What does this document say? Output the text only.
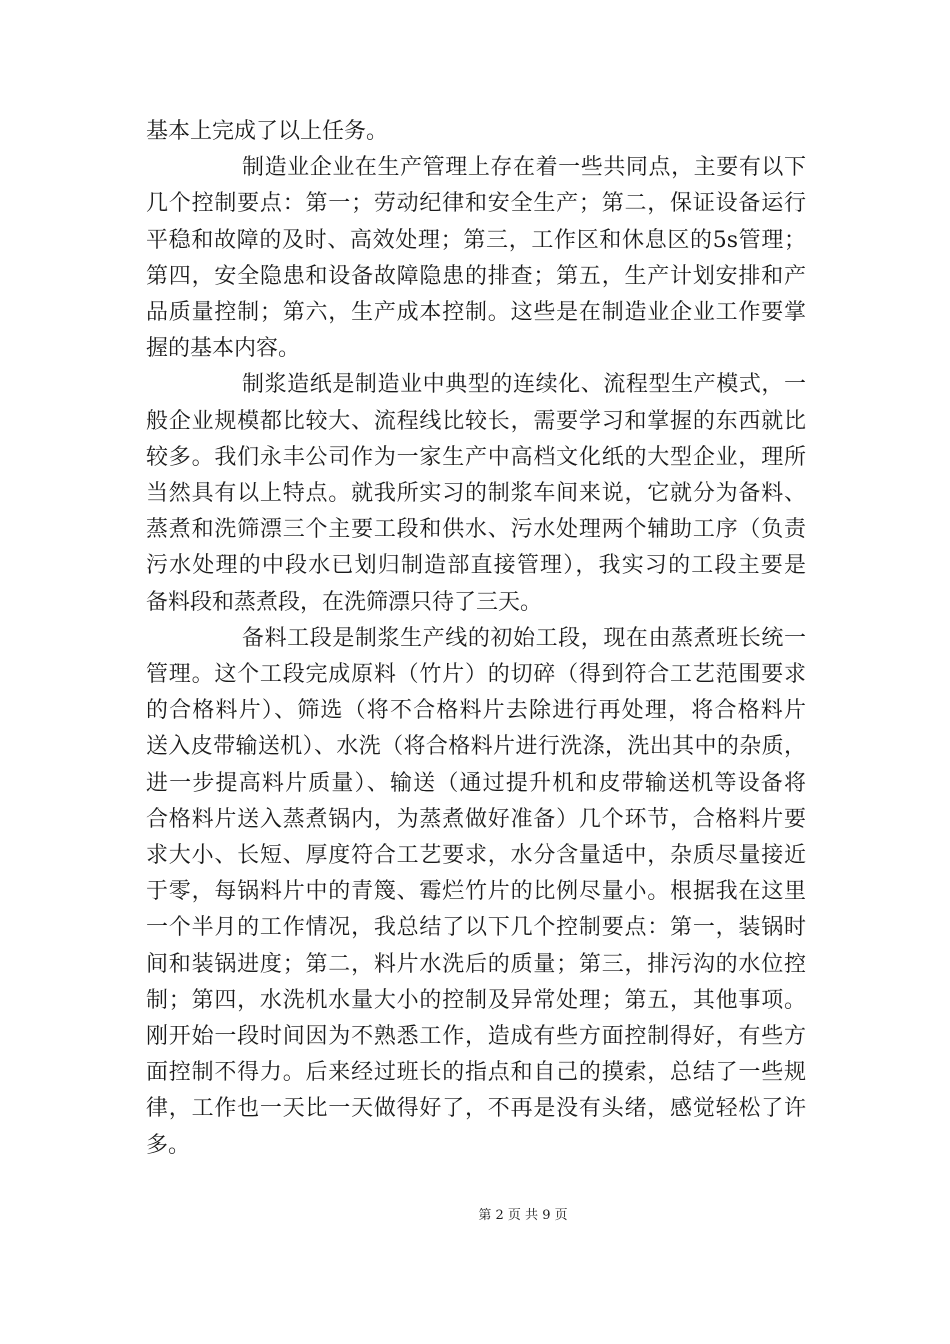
基本上完成了以上任务。

制造业企业在生产管理上存在着一些共同点，主要有以下
几个控制要点：第一；劳动纪律和安全生产；第二，保证设备运行
平稳和故障的及时、高效处理；第三，工作区和休息区的5s管理；
第四，安全隐患和设备故障隐患的排查；第五，生产计划安排和产
品质量控制；第六，生产成本控制。这些是在制造业企业工作要掌
握的基本内容。

制浆造纸是制造业中典型的连续化、流程型生产模式，一
般企业规模都比较大、流程线比较长，需要学习和掌握的东西就比
较多。我们永丰公司作为一家生产中高档文化纸的大型企业，理所
当然具有以上特点。就我所实习的制浆车间来说，它就分为备料、
蒸煮和洗筛漂三个主要工段和供水、污水处理两个辅助工序（负责
污水处理的中段水已划归制造部直接管理），我实习的工段主要是
备料段和蒸煮段，在洗筛漂只待了三天。

备料工段是制浆生产线的初始工段，现在由蒸煮班长统一
管理。这个工段完成原料（竹片）的切碎（得到符合工艺范围要求
的合格料片）、筛选（将不合格料片去除进行再处理，将合格料片
送入皮带输送机）、水洗（将合格料片进行洗涤，洗出其中的杂质，
进一步提高料片质量）、输送（通过提升机和皮带输送机等设备将
合格料片送入蒸煮锅内，为蒸煮做好准备）几个环节，合格料片要
求大小、长短、厚度符合工艺要求，水分含量适中，杂质尽量接近
于零，每锅料片中的青篾、霉烂竹片的比例尽量小。根据我在这里
一个半月的工作情况，我总结了以下几个控制要点：第一，装锅时
间和装锅进度；第二，料片水洗后的质量；第三，排污沟的水位控
制；第四，水洗机水量大小的控制及异常处理；第五，其他事项。
刚开始一段时间因为不熟悉工作，造成有些方面控制得好，有些方
面控制不得力。后来经过班长的指点和自己的摸索，总结了一些规
律，工作也一天比一天做得好了，不再是没有头绪，感觉轻松了许
多。

第 2 页 共 9 页
